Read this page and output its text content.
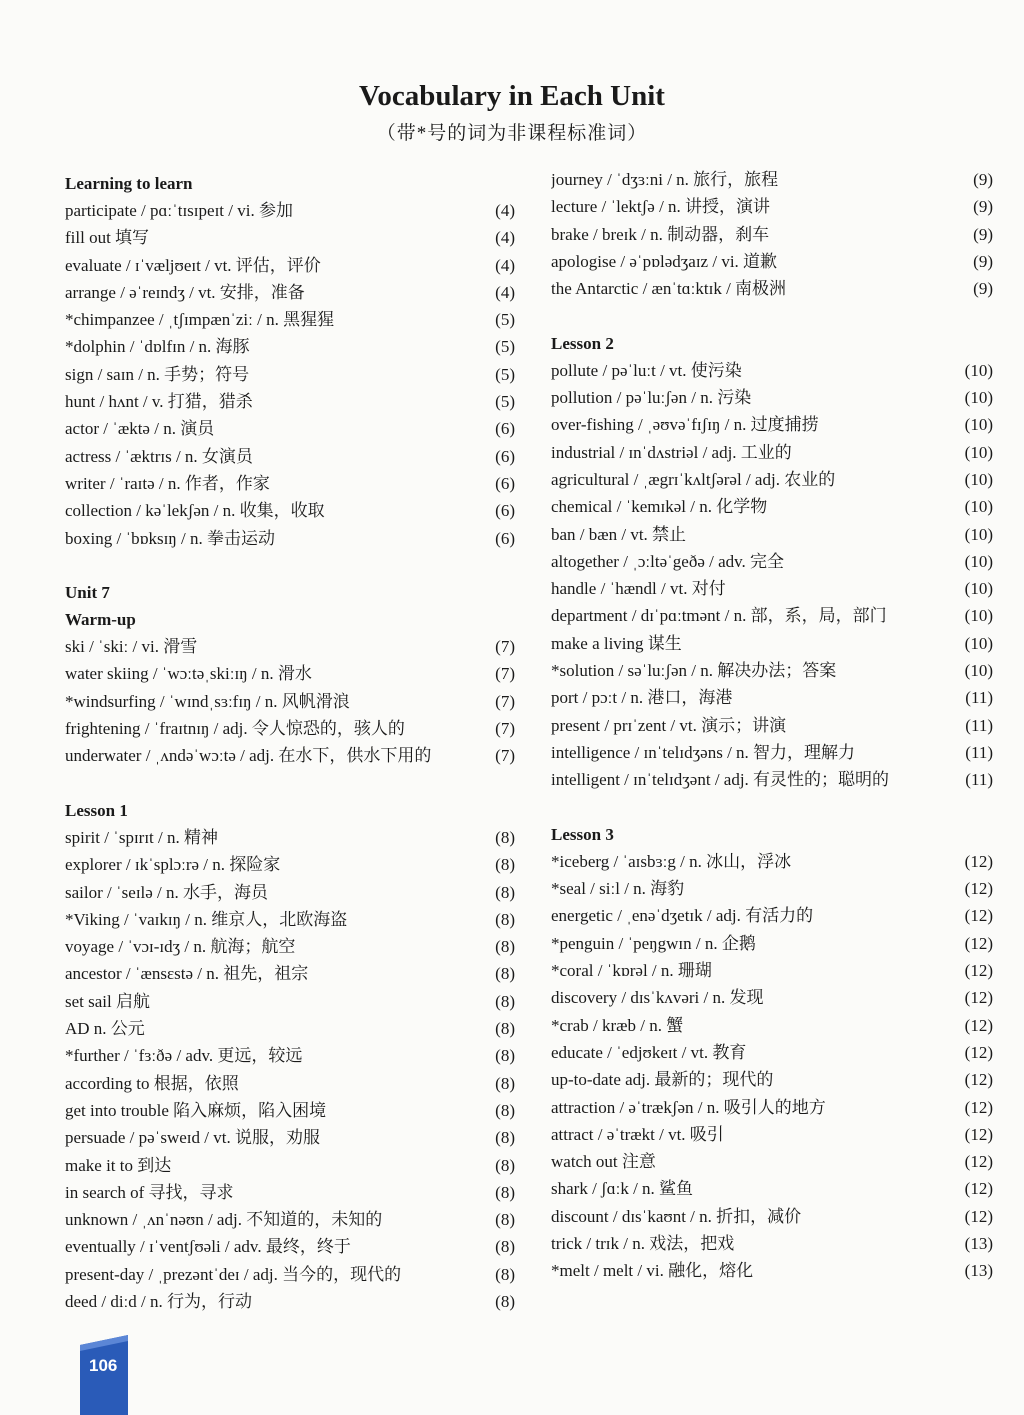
Vocabulary in Each Unit
（带*号的词为非课程标准词）
Learning to learn
participate / pɑːˈtɪsɪpeɪt / vi. 参加	(4)
fill out 填写	(4)
evaluate / ɪˈvæljʊeɪt / vt. 评估，评价	(4)
arrange / əˈreɪndʒ / vt. 安排，准备	(4)
*chimpanzee / ˌtʃɪmpænˈziː / n. 黑猩猩	(5)
*dolphin / ˈdɒlfɪn / n. 海豚	(5)
sign / saɪn / n. 手势；符号	(5)
hunt / hʌnt / v. 打猎，猎杀	(5)
actor / ˈæktə / n. 演员	(6)
actress / ˈæktrɪs / n. 女演员	(6)
writer / ˈraɪtə / n. 作者，作家	(6)
collection / kəˈlekʃən / n. 收集，收取	(6)
boxing / ˈbɒksɪŋ / n. 拳击运动	(6)
Unit 7
Warm-up
ski / ˈskiː / vi. 滑雪	(7)
water skiing / ˈwɔːtəˌskiːɪŋ / n. 滑水	(7)
*windsurfing / ˈwɪndˌsɜːfɪŋ / n. 风帆滑浪	(7)
frightening / ˈfraɪtnɪŋ / adj. 令人惊恐的，骇人的	(7)
underwater / ˌʌndəˈwɔːtə / adj. 在水下，供水下用的	(7)
Lesson 1
spirit / ˈspɪrɪt / n. 精神	(8)
explorer / ɪkˈsplɔːrə / n. 探险家	(8)
sailor / ˈseɪlə / n. 水手，海员	(8)
*Viking / ˈvaɪkɪŋ / n. 维京人，北欧海盗	(8)
voyage / ˈvɔɪ-ɪdʒ / n. 航海；航空	(8)
ancestor / ˈænsɛstə / n. 祖先，祖宗	(8)
set sail 启航	(8)
AD n. 公元	(8)
*further / ˈfɜːðə / adv. 更远，较远	(8)
according to 根据，依照	(8)
get into trouble 陷入麻烦，陷入困境	(8)
persuade / pəˈsweɪd / vt. 说服，劝服	(8)
make it to 到达	(8)
in search of 寻找，寻求	(8)
unknown / ˌʌnˈnəʊn / adj. 不知道的，未知的	(8)
eventually / ɪˈventʃʊəli / adv. 最终，终于	(8)
present-day / ˌprezəntˈdeɪ / adj. 当今的，现代的	(8)
deed / diːd / n. 行为，行动	(8)
journey / ˈdʒɜːni / n. 旅行，旅程	(9)
lecture / ˈlektʃə / n. 讲授，演讲	(9)
brake / breɪk / n. 制动器，刹车	(9)
apologise / əˈpɒlədʒaɪz / vi. 道歉	(9)
the Antarctic / ænˈtɑːktɪk / 南极洲	(9)
Lesson 2
pollute / pəˈluːt / vt. 使污染	(10)
pollution / pəˈluːʃən / n. 污染	(10)
over-fishing / ˌəʊvəˈfɪʃɪŋ / n. 过度捕捞	(10)
industrial / ɪnˈdʌstriəl / adj. 工业的	(10)
agricultural / ˌægrɪˈkʌltʃərəl / adj. 农业的	(10)
chemical / ˈkemɪkəl / n. 化学物	(10)
ban / bæn / vt. 禁止	(10)
altogether / ˌɔːltəˈgeðə / adv. 完全	(10)
handle / ˈhændl / vt. 对付	(10)
department / dɪˈpɑːtmənt / n. 部，系，局，部门	(10)
make a living 谋生	(10)
*solution / səˈluːʃən / n. 解决办法；答案	(10)
port / pɔːt / n. 港口，海港	(11)
present / prɪˈzent / vt. 演示；讲演	(11)
intelligence / ɪnˈtelɪdʒəns / n. 智力，理解力	(11)
intelligent / ɪnˈtelɪdʒənt / adj. 有灵性的；聪明的	(11)
Lesson 3
*iceberg / ˈaɪsbɜːg / n. 冰山，浮冰	(12)
*seal / siːl / n. 海豹	(12)
energetic / ˌenəˈdʒetɪk / adj. 有活力的	(12)
*penguin / ˈpeŋgwɪn / n. 企鹅	(12)
*coral / ˈkɒrəl / n. 珊瑚	(12)
discovery / dɪsˈkʌvəri / n. 发现	(12)
*crab / kræb / n. 蟹	(12)
educate / ˈedjʊkeɪt / vt. 教育	(12)
up-to-date adj. 最新的；现代的	(12)
attraction / əˈtrækʃən / n. 吸引人的地方	(12)
attract / əˈtrækt / vt. 吸引	(12)
watch out 注意	(12)
shark / ʃɑːk / n. 鲨鱼	(12)
discount / dɪsˈkaʊnt / n. 折扣，减价	(12)
trick / trɪk / n. 戏法，把戏	(13)
*melt / melt / vi. 融化，熔化	(13)
106
